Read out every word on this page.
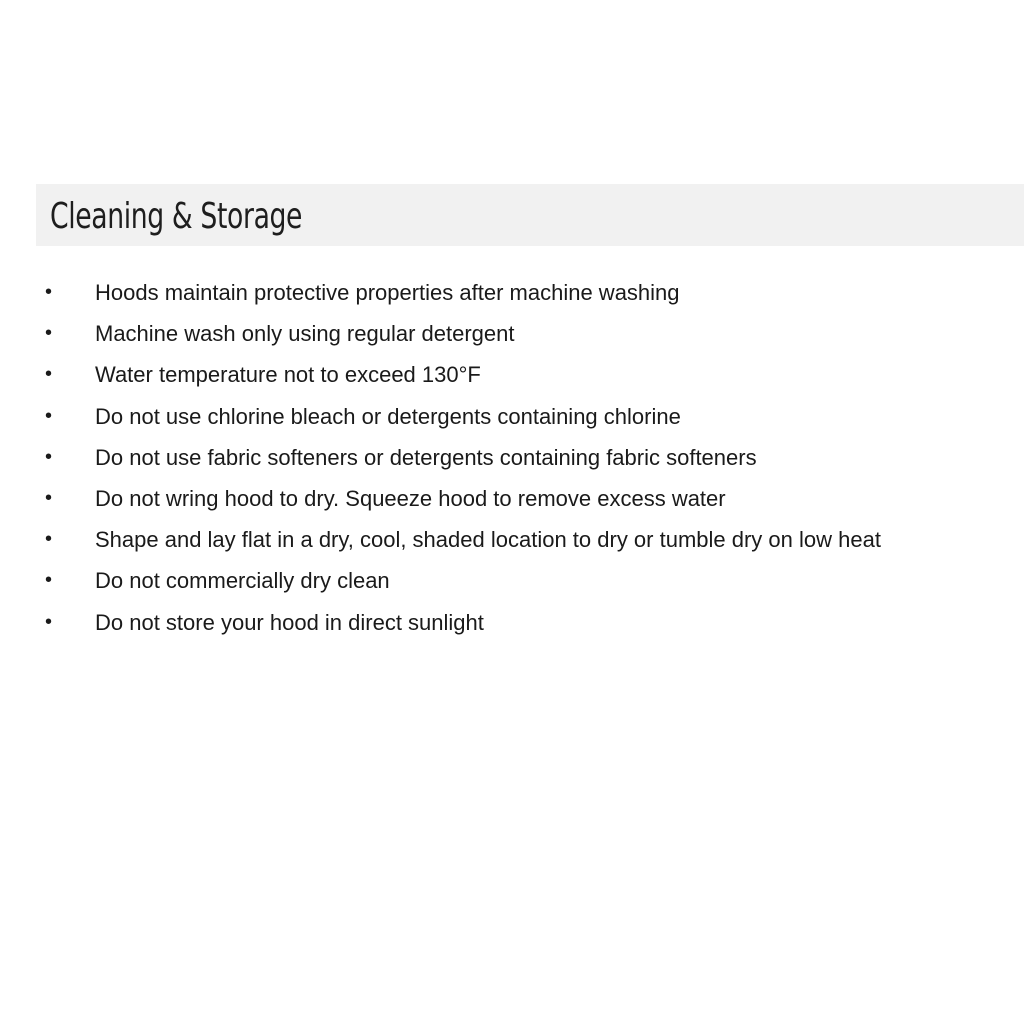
Cleaning & Storage
• Hoods maintain protective properties after machine washing
• Machine wash only using regular detergent
• Water temperature not to exceed 130°F
• Do not use chlorine bleach or detergents containing chlorine
• Do not use fabric softeners or detergents containing fabric softeners
• Do not wring hood to dry. Squeeze hood to remove excess water
• Shape and lay flat in a dry, cool, shaded location to dry or tumble dry on low heat
• Do not commercially dry clean
• Do not store your hood in direct sunlight
